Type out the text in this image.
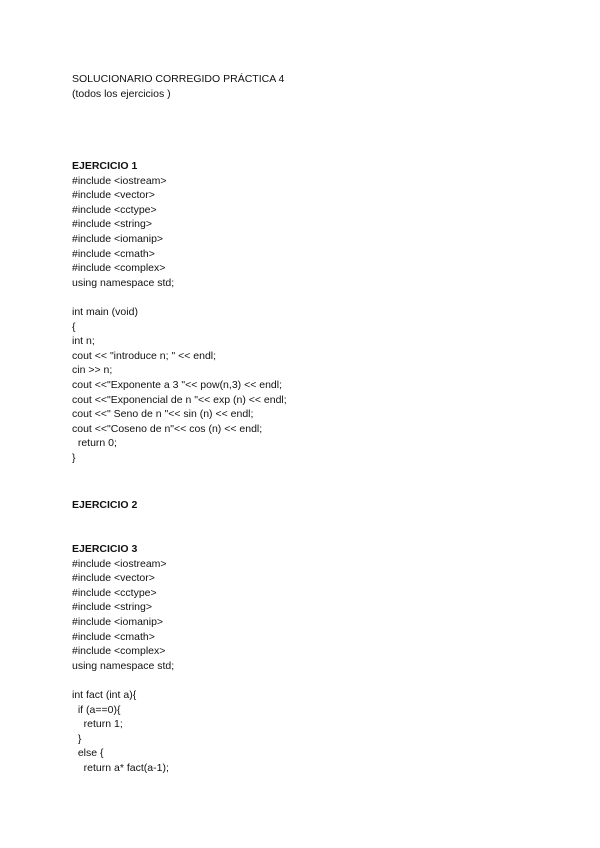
SOLUCIONARIO CORREGIDO PRÁCTICA 4
(todos los ejercicios )
EJERCICIO 1
#include <iostream>
#include <vector>
#include <cctype>
#include <string>
#include <iomanip>
#include <cmath>
#include <complex>
using namespace std;
int main (void)
{
int n;
cout << "introduce n; " << endl;
cin >> n;
cout <<"Exponente a 3 "<< pow(n,3) << endl;
cout <<"Exponencial de n "<< exp (n) << endl;
cout <<" Seno de n "<< sin (n) << endl;
cout <<"Coseno de n"<< cos (n) << endl;
return 0;
}
EJERCICIO 2
EJERCICIO 3
#include <iostream>
#include <vector>
#include <cctype>
#include <string>
#include <iomanip>
#include <cmath>
#include <complex>
using namespace std;
int fact (int a){
if (a==0){
return 1;
}
else {
return a* fact(a-1);
